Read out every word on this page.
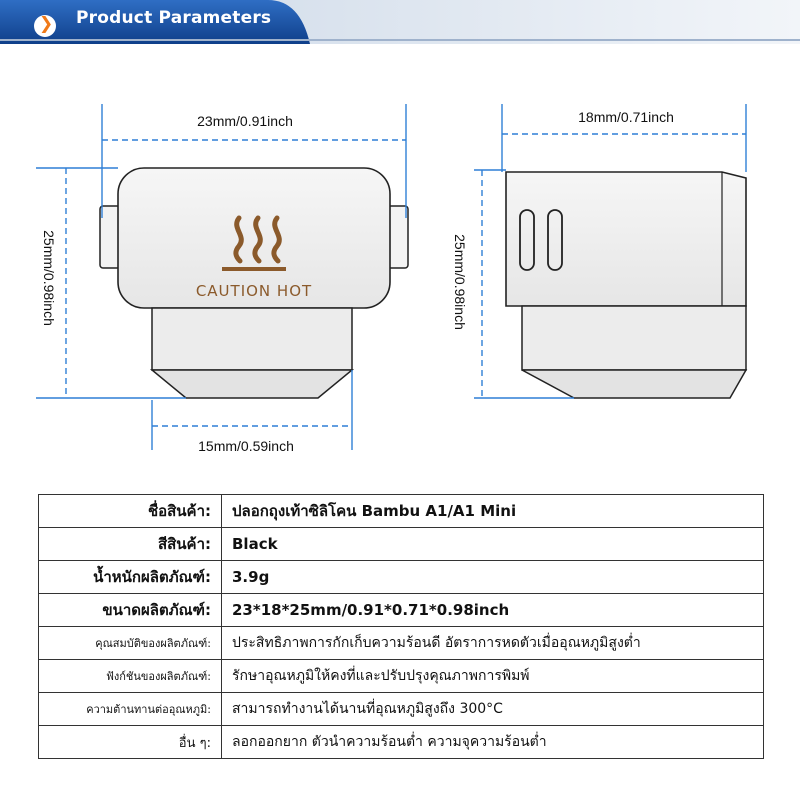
❯ Product Parameters
CAUTION HOT
23mm/0.91inch
25mm/0.98inch
15mm/0.59inch
18mm/0.71inch
25mm/0.98inch
ชื่อสินค้า:	ปลอกถุงเท้าซิลิโคน Bambu A1/A1 Mini
สีสินค้า:	Black
น้ำหนักผลิตภัณฑ์:	3.9g
ขนาดผลิตภัณฑ์:	23*18*25mm/0.91*0.71*0.98inch
คุณสมบัติของผลิตภัณฑ์:	ประสิทธิภาพการกักเก็บความร้อนดี อัตราการหดตัวเมื่ออุณหภูมิสูงต่ำ
ฟังก์ชันของผลิตภัณฑ์:	รักษาอุณหภูมิให้คงที่และปรับปรุงคุณภาพการพิมพ์
ความต้านทานต่ออุณหภูมิ:	สามารถทำงานได้นานที่อุณหภูมิสูงถึง 300°C
อื่น ๆ:	ลอกออกยาก ตัวนำความร้อนต่ำ ความจุความร้อนต่ำ
